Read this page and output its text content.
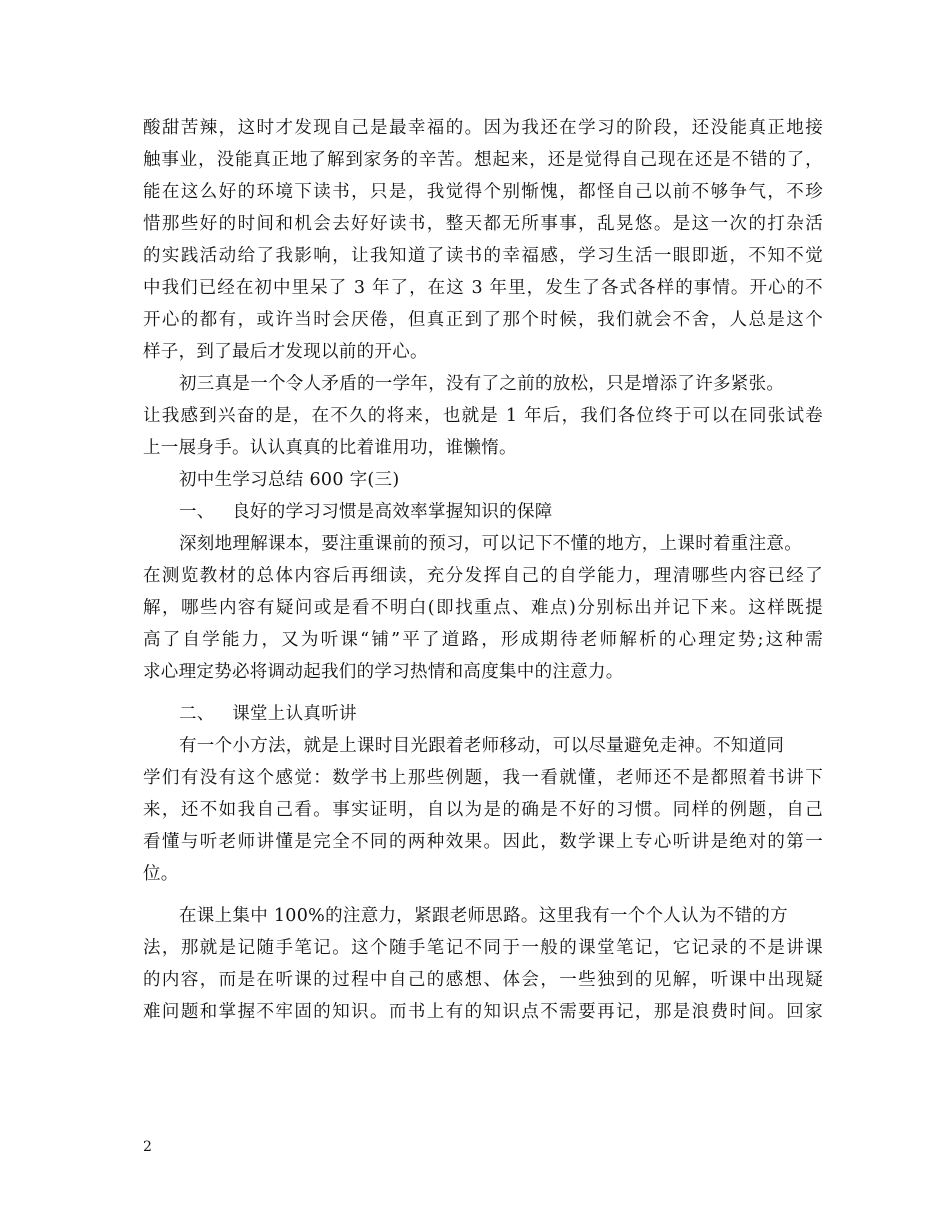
酸甜苦辣，这时才发现自己是最幸福的。因为我还在学习的阶段，还没能真正地接
触事业，没能真正地了解到家务的辛苦。想起来，还是觉得自己现在还是不错的了，
能在这么好的环境下读书，只是，我觉得个别惭愧，都怪自己以前不够争气，不珍
惜那些好的时间和机会去好好读书，整天都无所事事，乱晃悠。是这一次的打杂活
的实践活动给了我影响，让我知道了读书的幸福感，学习生活一眼即逝，不知不觉
中我们已经在初中里呆了 3 年了，在这 3 年里，发生了各式各样的事情。开心的不
开心的都有，或许当时会厌倦，但真正到了那个时候，我们就会不舍，人总是这个
样子，到了最后才发现以前的开心。
初三真是一个令人矛盾的一学年，没有了之前的放松，只是增添了许多紧张。
让我感到兴奋的是，在不久的将来，也就是 1 年后，我们各位终于可以在同张试卷
上一展身手。认认真真的比着谁用功，谁懒惰。
初中生学习总结 600 字(三)
一、   良好的学习习惯是高效率掌握知识的保障
深刻地理解课本，要注重课前的预习，可以记下不懂的地方，上课时着重注意。
在测览教材的总体内容后再细读，充分发挥自己的自学能力，理清哪些内容已经了
解，哪些内容有疑问或是看不明白(即找重点、难点)分别标出并记下来。这样既提
高了自学能力，又为听课“铺”平了道路，形成期待老师解析的心理定势;这种需
求心理定势必将调动起我们的学习热情和高度集中的注意力。
二、   课堂上认真听讲
有一个小方法，就是上课时目光跟着老师移动，可以尽量避免走神。不知道同
学们有没有这个感觉：数学书上那些例题，我一看就懂，老师还不是都照着书讲下
来，还不如我自己看。事实证明，自以为是的确是不好的习惯。同样的例题，自己
看懂与听老师讲懂是完全不同的两种效果。因此，数学课上专心听讲是绝对的第一
位。
在课上集中 100%的注意力，紧跟老师思路。这里我有一个个人认为不错的方
法，那就是记随手笔记。这个随手笔记不同于一般的课堂笔记，它记录的不是讲课
的内容，而是在听课的过程中自己的感想、体会，一些独到的见解，听课中出现疑
难问题和掌握不牢固的知识。而书上有的知识点不需要再记，那是浪费时间。回家
2
